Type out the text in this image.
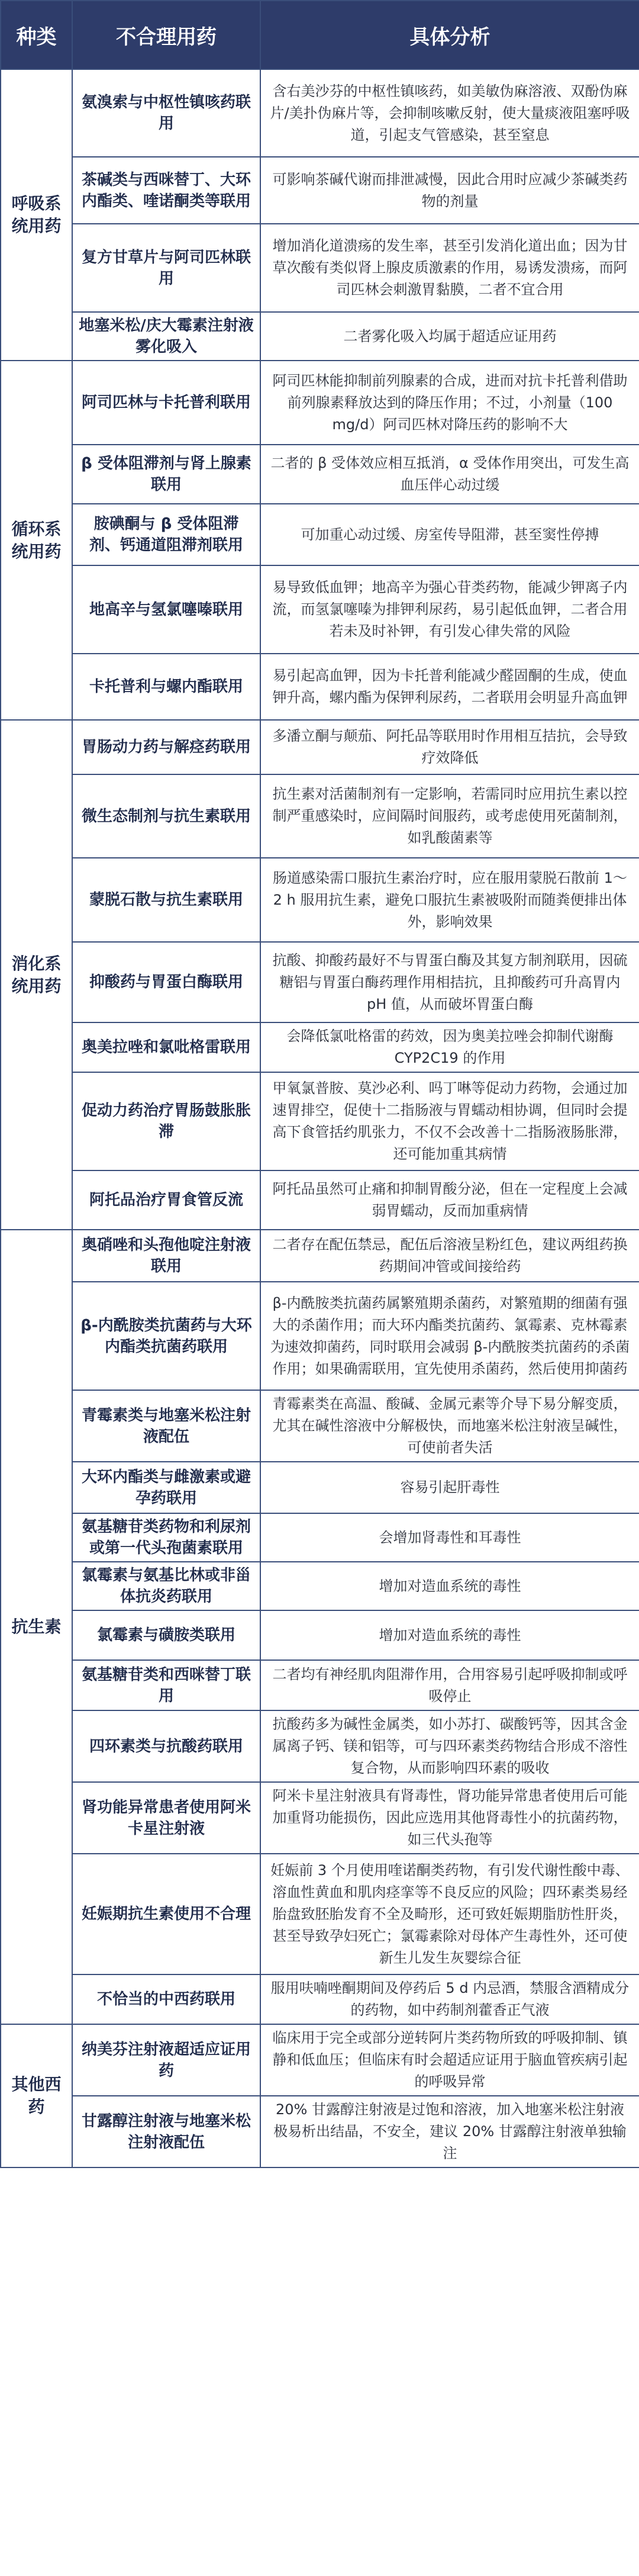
种类	不合理用药	具体分析
呼吸系统用药	氨溴索与中枢性镇咳药联用	含右美沙芬的中枢性镇咳药，如美敏伪麻溶液、双酚伪麻片/美扑伪麻片等，会抑制咳嗽反射，使大量痰液阻塞呼吸道，引起支气管感染，甚至窒息
	茶碱类与西咪替丁、大环内酯类、喹诺酮类等联用	可影响茶碱代谢而排泄减慢，因此合用时应减少茶碱类药物的剂量
	复方甘草片与阿司匹林联用	增加消化道溃疡的发生率，甚至引发消化道出血；因为甘草次酸有类似肾上腺皮质激素的作用，易诱发溃疡，而阿司匹林会刺激胃黏膜，二者不宜合用
	地塞米松/庆大霉素注射液雾化吸入	二者雾化吸入均属于超适应证用药
循环系统用药	阿司匹林与卡托普利联用	阿司匹林能抑制前列腺素的合成，进而对抗卡托普利借助前列腺素释放达到的降压作用；不过，小剂量（100 mg/d）阿司匹林对降压药的影响不大
	β 受体阻滞剂与肾上腺素联用	二者的 β 受体效应相互抵消，α 受体作用突出，可发生高血压伴心动过缓
	胺碘酮与 β 受体阻滞剂、钙通道阻滞剂联用	可加重心动过缓、房室传导阻滞，甚至窦性停搏
	地高辛与氢氯噻嗪联用	易导致低血钾；地高辛为强心苷类药物，能减少钾离子内流，而氢氯噻嗪为排钾利尿药，易引起低血钾，二者合用若未及时补钾，有引发心律失常的风险
	卡托普利与螺内酯联用	易引起高血钾，因为卡托普利能减少醛固酮的生成，使血钾升高，螺内酯为保钾利尿药，二者联用会明显升高血钾
消化系统用药	胃肠动力药与解痉药联用	多潘立酮与颠茄、阿托品等联用时作用相互拮抗，会导致疗效降低
	微生态制剂与抗生素联用	抗生素对活菌制剂有一定影响，若需同时应用抗生素以控制严重感染时，应间隔时间服药，或考虑使用死菌制剂，如乳酸菌素等
	蒙脱石散与抗生素联用	肠道感染需口服抗生素治疗时，应在服用蒙脱石散前 1～2 h 服用抗生素，避免口服抗生素被吸附而随粪便排出体外，影响效果
	抑酸药与胃蛋白酶联用	抗酸、抑酸药最好不与胃蛋白酶及其复方制剂联用，因硫糖铝与胃蛋白酶药理作用相拮抗，且抑酸药可升高胃内 pH 值，从而破坏胃蛋白酶
	奥美拉唑和氯吡格雷联用	会降低氯吡格雷的药效，因为奥美拉唑会抑制代谢酶 CYP2C19 的作用
	促动力药治疗胃肠鼓胀胀滞	甲氧氯普胺、莫沙必利、吗丁啉等促动力药物，会通过加速胃排空，促使十二指肠液与胃蠕动相协调，但同时会提高下食管括约肌张力，不仅不会改善十二指肠液肠胀滞，还可能加重其病情
	阿托品治疗胃食管反流	阿托品虽然可止痛和抑制胃酸分泌，但在一定程度上会减弱胃蠕动，反而加重病情
抗生素	奥硝唑和头孢他啶注射液联用	二者存在配伍禁忌，配伍后溶液呈粉红色，建议两组药换药期间冲管或间接给药
	β-内酰胺类抗菌药与大环内酯类抗菌药联用	β-内酰胺类抗菌药属繁殖期杀菌药，对繁殖期的细菌有强大的杀菌作用；而大环内酯类抗菌药、氯霉素、克林霉素为速效抑菌药，同时联用会减弱 β-内酰胺类抗菌药的杀菌作用；如果确需联用，宜先使用杀菌药，然后使用抑菌药
	青霉素类与地塞米松注射液配伍	青霉素类在高温、酸碱、金属元素等介导下易分解变质，尤其在碱性溶液中分解极快，而地塞米松注射液呈碱性，可使前者失活
	大环内酯类与雌激素或避孕药联用	容易引起肝毒性
	氨基糖苷类药物和利尿剂或第一代头孢菌素联用	会增加肾毒性和耳毒性
	氯霉素与氨基比林或非甾体抗炎药联用	增加对造血系统的毒性
	氯霉素与磺胺类联用	增加对造血系统的毒性
	氨基糖苷类和西咪替丁联用	二者均有神经肌肉阻滞作用，合用容易引起呼吸抑制或呼吸停止
	四环素类与抗酸药联用	抗酸药多为碱性金属类，如小苏打、碳酸钙等，因其含金属离子钙、镁和铝等，可与四环素类药物结合形成不溶性复合物，从而影响四环素的吸收
	肾功能异常患者使用阿米卡星注射液	阿米卡星注射液具有肾毒性，肾功能异常患者使用后可能加重肾功能损伤，因此应选用其他肾毒性小的抗菌药物，如三代头孢等
	妊娠期抗生素使用不合理	妊娠前 3 个月使用喹诺酮类药物，有引发代谢性酸中毒、溶血性黄血和肌肉痉挛等不良反应的风险；四环素类易经胎盘致胚胎发育不全及畸形，还可致妊娠期脂肪性肝炎，甚至导致孕妇死亡；氯霉素除对母体产生毒性外，还可使新生儿发生灰婴综合征
	不恰当的中西药联用	服用呋喃唑酮期间及停药后 5 d 内忌酒，禁服含酒精成分的药物，如中药制剂藿香正气液
其他西药	纳美芬注射液超适应证用药	临床用于完全或部分逆转阿片类药物所致的呼吸抑制、镇静和低血压；但临床有时会超适应证用于脑血管疾病引起的呼吸异常
	甘露醇注射液与地塞米松注射液配伍	20% 甘露醇注射液是过饱和溶液，加入地塞米松注射液极易析出结晶，不安全，建议 20% 甘露醇注射液单独输注
